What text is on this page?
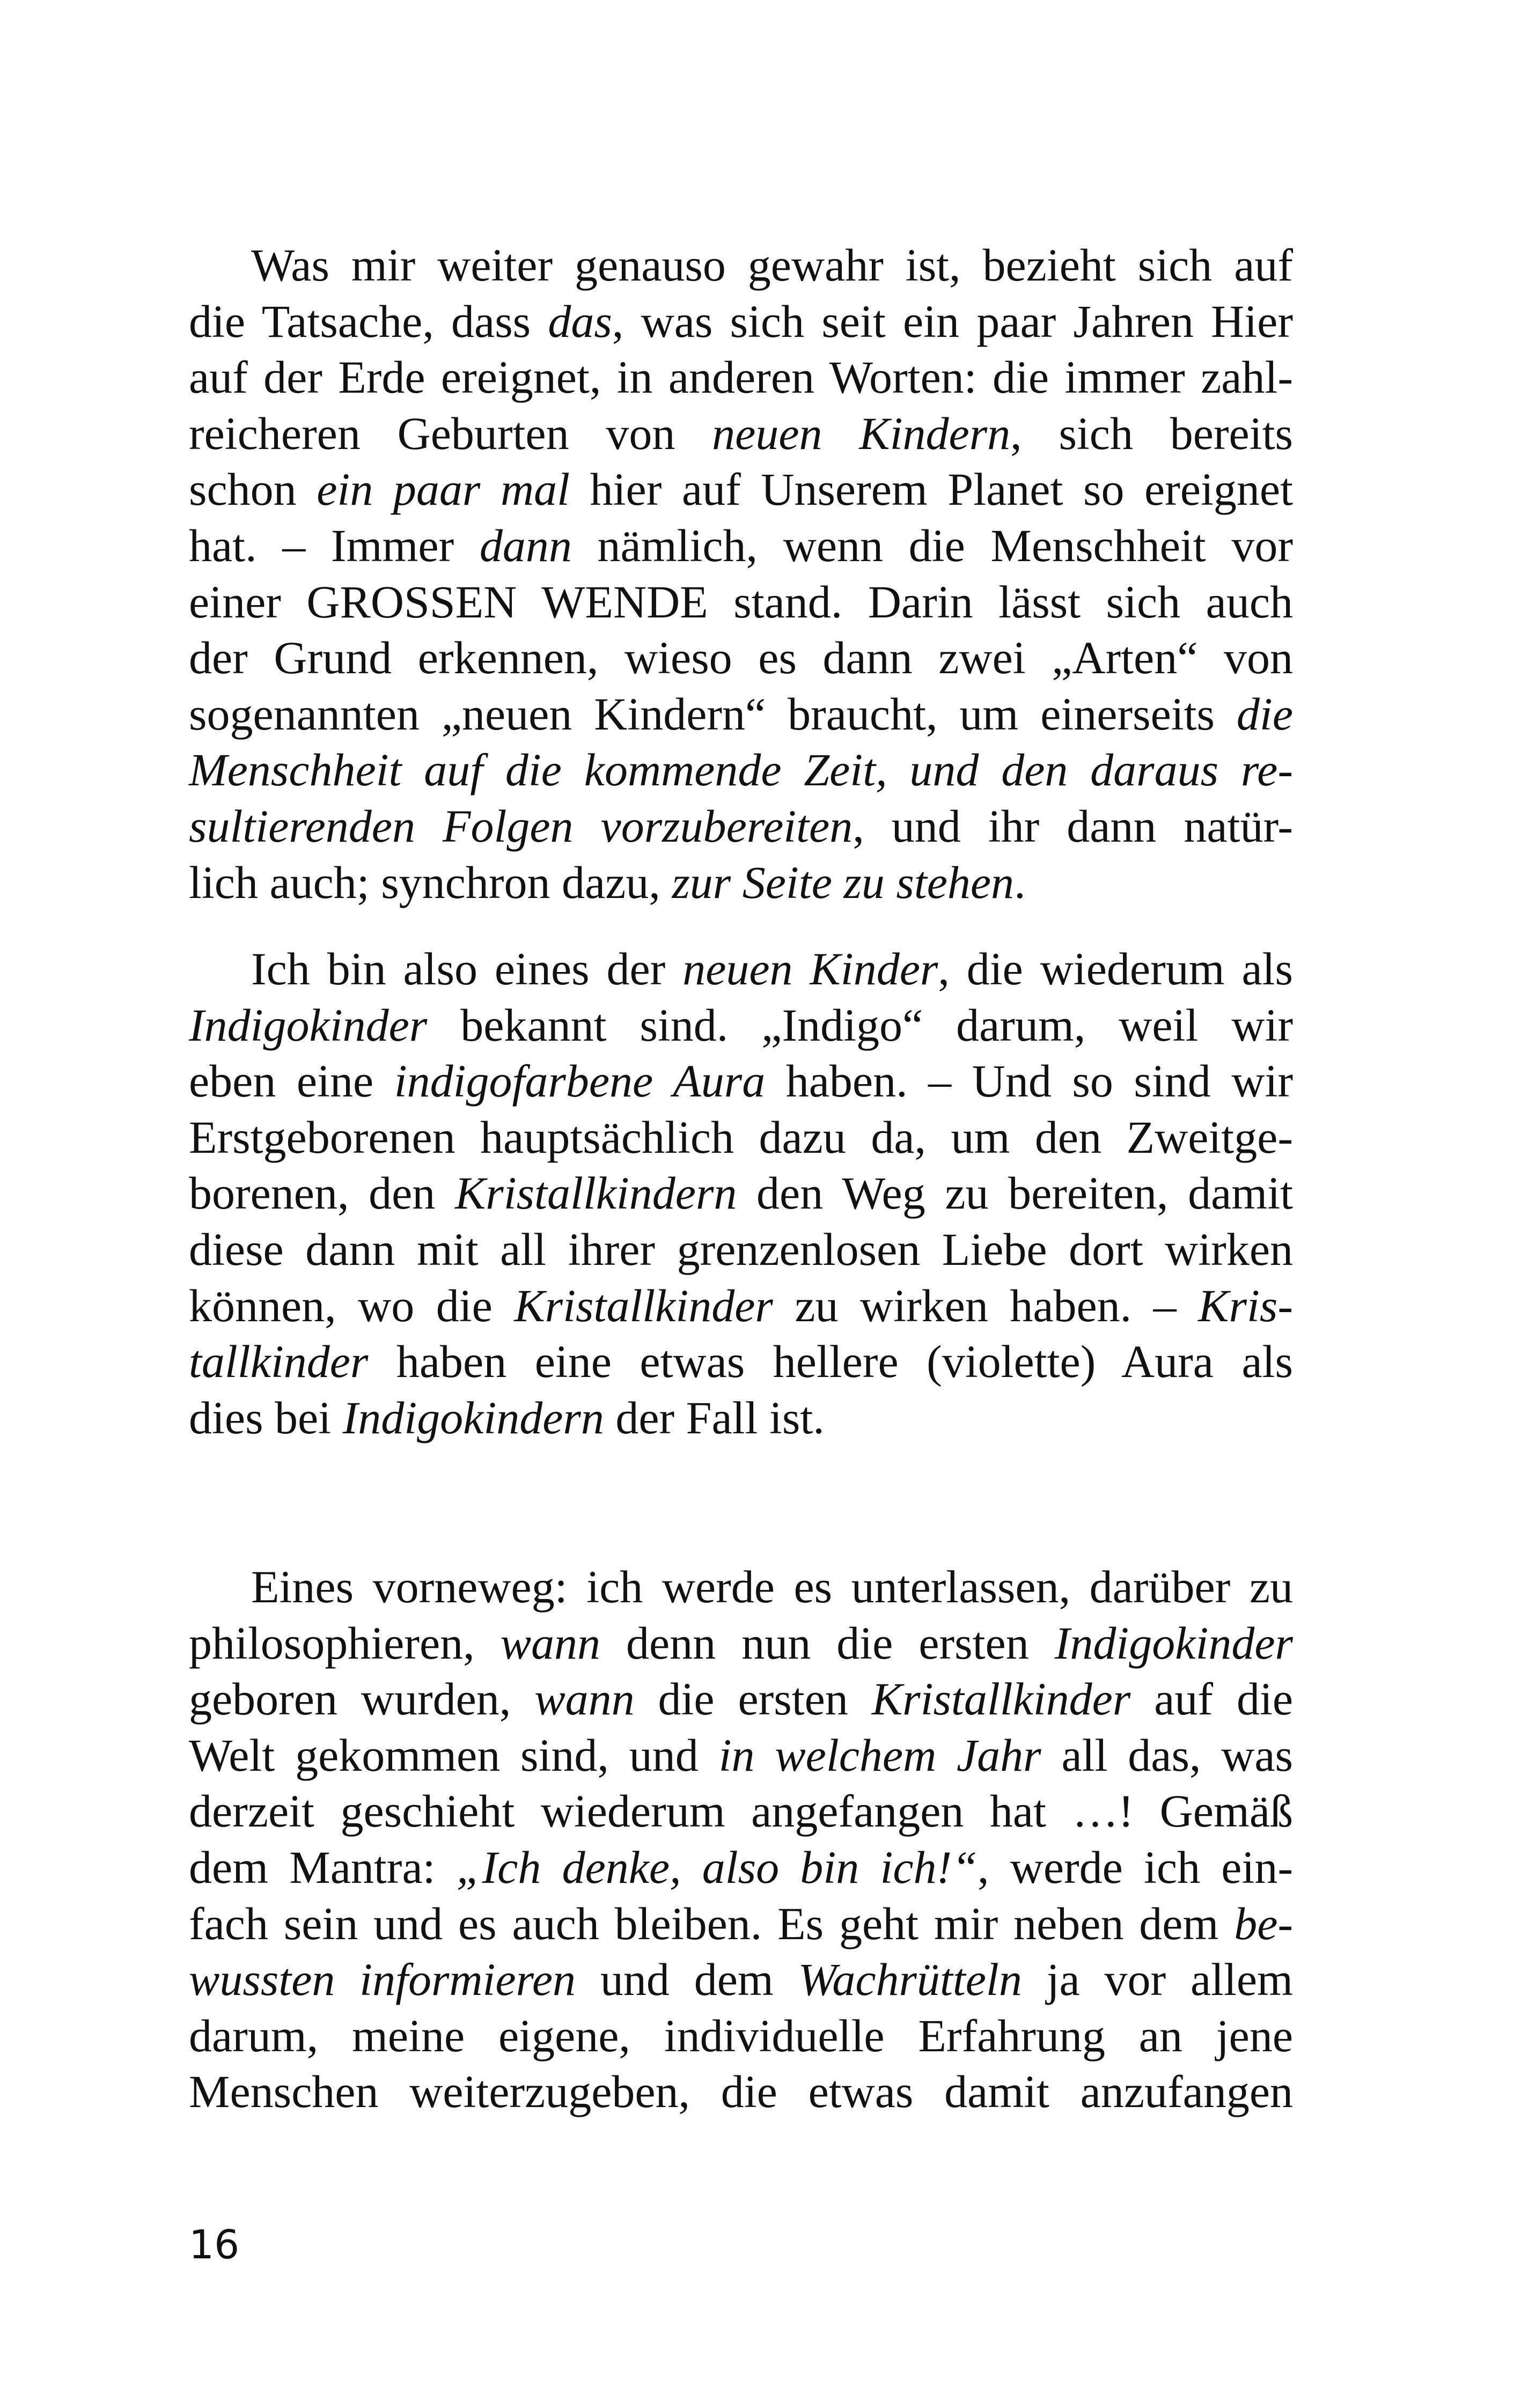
Was mir weiter genauso gewahr ist, bezieht sich auf
die Tatsache, dass das, was sich seit ein paar Jahren Hier
auf der Erde ereignet, in anderen Worten: die immer zahl-
reicheren Geburten von neuen Kindern, sich bereits
schon ein paar mal hier auf Unserem Planet so ereignet
hat. – Immer dann nämlich, wenn die Menschheit vor
einer GROSSEN WENDE stand. Darin lässt sich auch
der Grund erkennen, wieso es dann zwei „Arten“ von
sogenannten „neuen Kindern“ braucht, um einerseits die
Menschheit auf die kommende Zeit, und den daraus re-
sultierenden Folgen vorzubereiten, und ihr dann natür-
lich auch; synchron dazu, zur Seite zu stehen.
Ich bin also eines der neuen Kinder, die wiederum als
Indigokinder bekannt sind. „Indigo“ darum, weil wir
eben eine indigofarbene Aura haben. – Und so sind wir
Erstgeborenen hauptsächlich dazu da, um den Zweitge-
borenen, den Kristallkindern den Weg zu bereiten, damit
diese dann mit all ihrer grenzenlosen Liebe dort wirken
können, wo die Kristallkinder zu wirken haben. – Kris-
tallkinder haben eine etwas hellere (violette) Aura als
dies bei Indigokindern der Fall ist.
Eines vorneweg: ich werde es unterlassen, darüber zu
philosophieren, wann denn nun die ersten Indigokinder
geboren wurden, wann die ersten Kristallkinder auf die
Welt gekommen sind, und in welchem Jahr all das, was
derzeit geschieht wiederum angefangen hat …! Gemäß
dem Mantra: „Ich denke, also bin ich!“, werde ich ein-
fach sein und es auch bleiben. Es geht mir neben dem be-
wussten informieren und dem Wachrütteln ja vor allem
darum, meine eigene, individuelle Erfahrung an jene
Menschen weiterzugeben, die etwas damit anzufangen
16
